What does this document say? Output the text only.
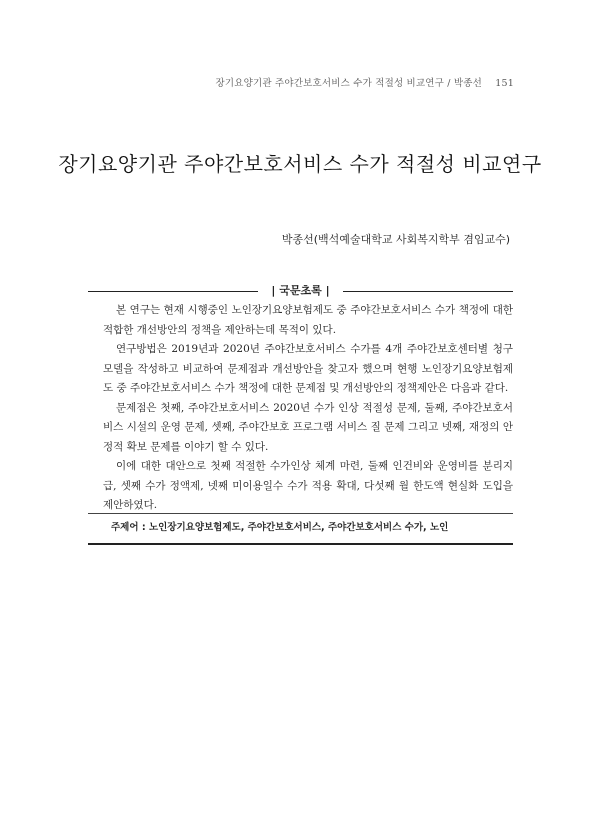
장기요양기관 주야간보호서비스 수가 적절성 비교연구 / 박종선 151
장기요양기관 주야간보호서비스 수가 적절성 비교연구
박종선(백석예술대학교 사회복지학부 겸임교수)
| 국문초록 |

본 연구는 현재 시행중인 노인장기요양보험제도 중 주야간보호서비스 수가 책정에 대한 적합한 개선방안의 정책을 제안하는데 목적이 있다.

연구방법은 2019년과 2020년 주야간보호서비스 수가를 4개 주야간보호센터별 청구모델을 작성하고 비교하여 문제점과 개선방안을 찾고자 했으며 현행 노인장기요양보험제도 중 주야간보호서비스 수가 책정에 대한 문제점 및 개선방안의 정책제안은 다음과 같다.

문제점은 첫째, 주야간보호서비스 2020년 수가 인상 적절성 문제, 둘째, 주야간보호서비스 시설의 운영 문제, 셋째, 주야간보호 프로그램 서비스 질 문제 그리고 넷째, 재정의 안정적 확보 문제를 이야기 할 수 있다.

이에 대한 대안으로 첫째 적절한 수가인상 체계 마련, 둘째 인건비와 운영비를 분리지급, 셋째 수가 정액제, 넷째 미이용일수 수가 적용 확대, 다섯째 월 한도액 현실화 도입을 제안하였다.

주제어 : 노인장기요양보험제도, 주야간보호서비스, 주야간보호서비스 수가, 노인
